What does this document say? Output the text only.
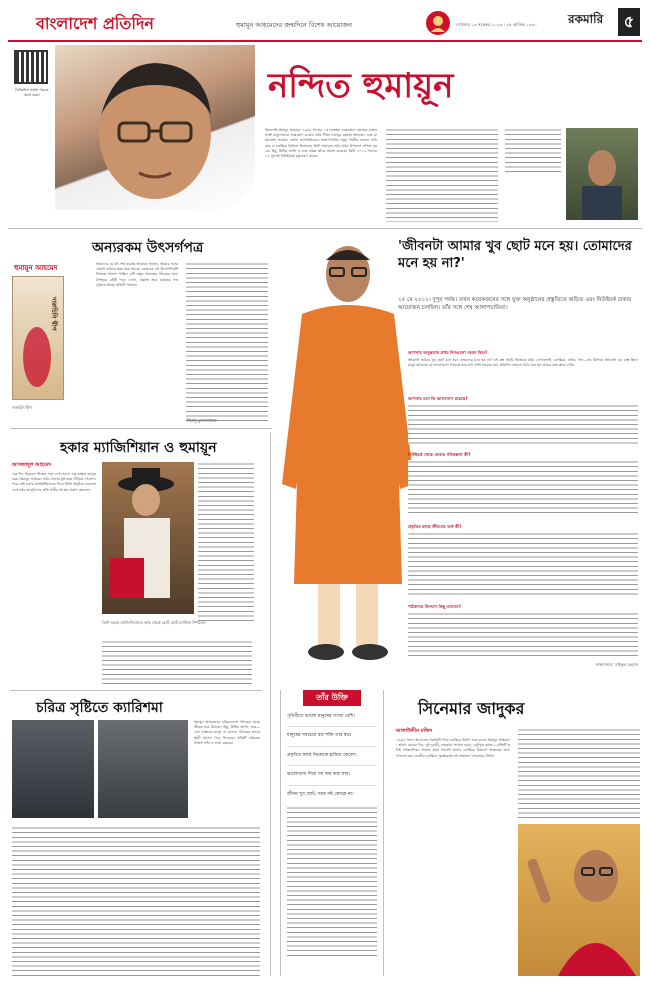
বাংলাদেশ প্রতিদিন	হুমায়ূন আহমেদের জন্মদিনে বিশেষ আয়োজন	সোমবার ১৩ নভেম্বর ২০২৩ । ২৮ কার্তিক ১৪৩০	রকমারি	৫
ডিজিটাল ভার্সন পড়তে স্ক্যান করুন	নন্দিত হুমায়ূন
কিংবদন্তি হুমায়ূন আহমেদ ১৯৪৮ সালের ১৩ নভেম্বর নেত্রকোনা জেলার মোহনগঞ্জে মাতুলালয়ে জন্মগ্রহণ করেন। তাঁর পিতা ফয়জুর রহমান আহমেদ এবং মা আয়েশা ফয়েজ। বাংলা কথাসাহিত্যের সংলাপপ্রধান নতুন শৈলীর জনক। নাট্যকার ও চলচ্চিত্র নির্মাতা হিসেবেও তিনি সমাদৃত। তাঁর প্রথম উপন্যাস নন্দিত নরকে। হিমু, মিসির আলি ও শুভ্র চরিত্র তাঁকে অনন্য করেছে। তিনি ২০১২ সালের ১৯ জুলাই নিউইয়র্কে মৃত্যুবরণ করেন।
অন্যরকম উৎসর্গপত্র
হুমায়ূন আহমেদ
দারুচিনি দ্বীপ
দারুচিনি দ্বীপ
আমাদের যে বই শেষ করেছি আমাকে অনেক, আমার সবার প্রেরণা আমার ছায়া হয়ে আছে। তোমাকে এই উৎসর্গপত্রটি লিখতে আনন্দ পাচ্ছি। এটি নতুন প্রজন্মের পাঠকের জন্য উপহার। বইটি পড়ে দেখো, প্রকৃতি আর মানুষের গল্প লুকিয়ে আছে প্রতিটি পাতায়।
শীর্ষেন্দু মুখোপাধ্যায়
'জীবনটা আমার খুব ছোট মনে হয়। তোমাদের মনে হয় না?'
২৫ মে ২০১২। দুপুর পর্যন্ত। তখন কয়েকজনের সঙ্গে যুক্ত অনুষ্ঠানের প্রস্তুতিতে জড়িত এবং নিউইয়র্ক ঢাকার আয়োজন চলছিল। তাঁর সঙ্গে শেষ আলাপচারিতা।
আপনার অসুস্থতার প্রথম দিনগুলো কেমন ছিল?
জীবনটা আমার খুব ছোট মনে হয়। তোমাদের মনে হয় না? এই প্রশ্ন আমি নিজেকে করি। লেখালেখি, চলচ্চিত্র, নাটক, গান—সব মিলিয়ে জীবনটা বড় ব্যস্ত ছিল। মানুষ আমাকে যে ভালোবাসা দিয়েছে তার ঋণ শোধ হওয়ার নয়। প্রতিদিন সকালে উঠে মনে হয় আরও কত কাজ বাকি।
আপনার মনে কি আফসোস রয়েছে?
নিউইয়র্ক থেকে ফেরার পরিকল্পনা কী?
প্রকৃতির কাছে জীবনের অর্থ কী?
পাঠকদের উদ্দেশে কিছু বলবেন?
সাক্ষাৎকার: সাইফুল রহমান
হকার ম্যাজিশিয়ান ও হুমায়ূন
আসজাদুল আহমেদ
এক দিন বিকেলে শিল্পের সঙ্গে দেখা হলো এক রাস্তার জাদুকরের। হুমায়ূন আহমেদ তাঁর খেলায় মুগ্ধ হয়ে দাঁড়িয়ে গেলেন। পরে সেই হকার ম্যাজিশিয়ানকে নিয়ে তিনি অনুষ্ঠান করলেন এবং তাঁর জাদুবিদ্যার প্রতি গভীর আগ্রহ প্রকাশ করলেন।
তিনি হকার ম্যাজিশিয়ানের কাছ থেকে ছোট ছোট ম্যাজিক শিখতেন
চরিত্র সৃষ্টিতে ক্যারিশমা
হুমায়ূন আহমেদের চরিত্রগুলো পাঠকের কাছে জীবন্ত হয়ে উঠেছে। হিমু, মিসির আলি, শুভ্র—এরা বাস্তবের মানুষ না হলেও পাঠকের হৃদয়ে স্থায়ী আসন গড়ে নিয়েছে। প্রতিটি চরিত্রের নিজস্ব দর্শন ও ভাষা রয়েছে।
তাঁর উক্তি
পৃথিবীতে ভালো মানুষের সংখ্যা বেশি।
মানুষের সবচেয়ে বড় শক্তি তার স্বপ্ন।
প্রকৃতির কাছে নিজেকে হারিয়ে ফেলো।
ভালোবাসা দিয়ে সব জয় করা যায়।
জীবন খুব ছোট, সময় নষ্ট কোরো না।
সিনেমার জাদুকর
আলাউদ্দীন মজিদ
১৯৯৪ সালে আগুনের পরশমণি দিয়ে চলচ্চিত্র নির্মাণ শুরু করেন হুমায়ূন আহমেদ। শ্রাবণ মেঘের দিন, দুই দুয়ারী, চন্দ্রকথা, শ্যামল ছায়া, ঘেটুপুত্র কমলা—প্রতিটি ছবিই দর্শকনন্দিত। শ্যামল ছায়া বিদেশি ভাষার চলচ্চিত্র বিভাগে অস্কারের জন্য পাঠানো হয়। জাতীয় চলচ্চিত্র পুরস্কারসহ বহু সম্মাননা পেয়েছেন তিনি।
